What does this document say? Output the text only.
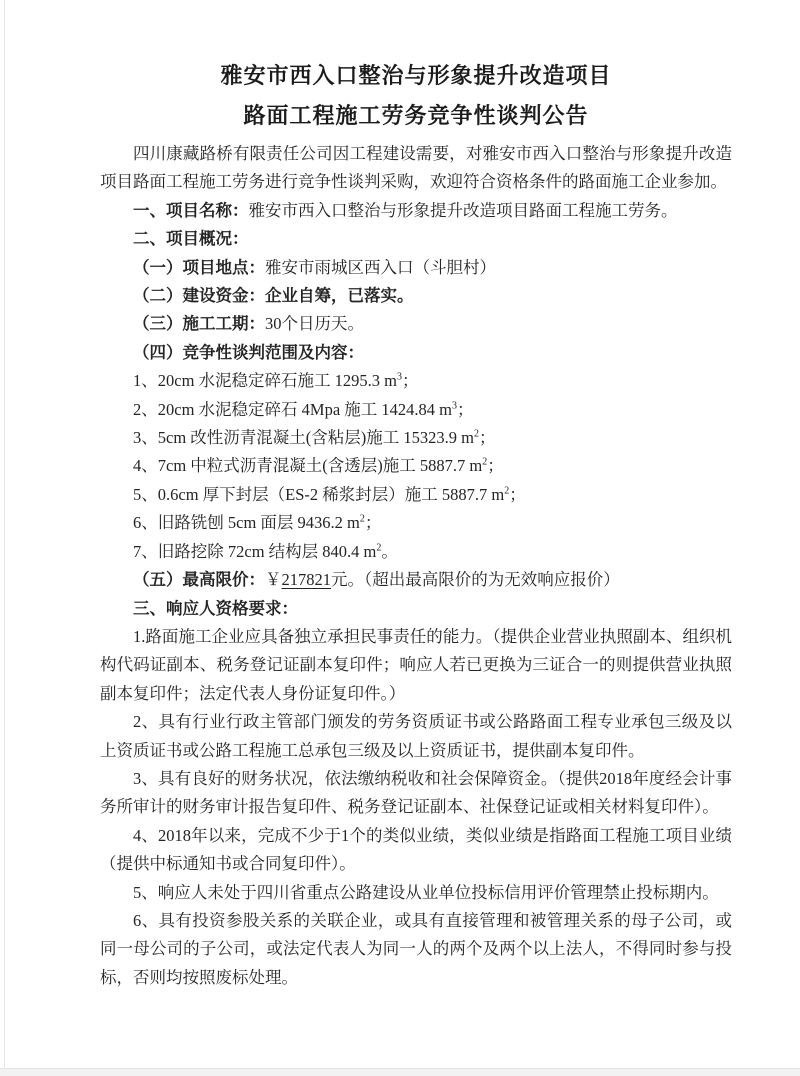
雅安市西入口整治与形象提升改造项目
路面工程施工劳务竞争性谈判公告

四川康藏路桥有限责任公司因工程建设需要，对雅安市西入口整治与形象提升改造项目路面工程施工劳务进行竞争性谈判采购，欢迎符合资格条件的路面施工企业参加。

一、项目名称：雅安市西入口整治与形象提升改造项目路面工程施工劳务。

二、项目概况：

（一）项目地点：雅安市雨城区西入口（斗胆村）

（二）建设资金：企业自筹，已落实。

（三）施工工期：30个日历天。

（四）竞争性谈判范围及内容：

1、20cm 水泥稳定碎石施工 1295.3 $m^3$；

2、20cm 水泥稳定碎石 4Mpa 施工 1424.84 $m^3$；

3、5cm 改性沥青混凝土(含粘层)施工 15323.9 $m^2$；

4、7cm 中粒式沥青混凝土(含透层)施工 5887.7 $m^2$；

5、0.6cm 厚下封层（ES-2 稀浆封层）施工 5887.7 $m^2$；

6、旧路铣刨 5cm 面层 9436.2 $m^2$；

7、旧路挖除 72cm 结构层 840.4 $m^2$。

（五）最高限价：￥217821元。（超出最高限价的为无效响应报价）

三、响应人资格要求：

1.路面施工企业应具备独立承担民事责任的能力。（提供企业营业执照副本、组织机构代码证副本、税务登记证副本复印件；响应人若已更换为三证合一的则提供营业执照副本复印件；法定代表人身份证复印件。）

2、具有行业行政主管部门颁发的劳务资质证书或公路路面工程专业承包三级及以上资质证书或公路工程施工总承包三级及以上资质证书，提供副本复印件。

3、具有良好的财务状况，依法缴纳税收和社会保障资金。（提供2018年度经会计事务所审计的财务审计报告复印件、税务登记证副本、社保登记证或相关材料复印件）。

4、2018年以来，完成不少于1个的类似业绩，类似业绩是指路面工程施工项目业绩（提供中标通知书或合同复印件）。

5、响应人未处于四川省重点公路建设从业单位投标信用评价管理禁止投标期内。

6、具有投资参股关系的关联企业，或具有直接管理和被管理关系的母子公司，或同一母公司的子公司，或法定代表人为同一人的两个及两个以上法人，不得同时参与投标，否则均按照废标处理。
